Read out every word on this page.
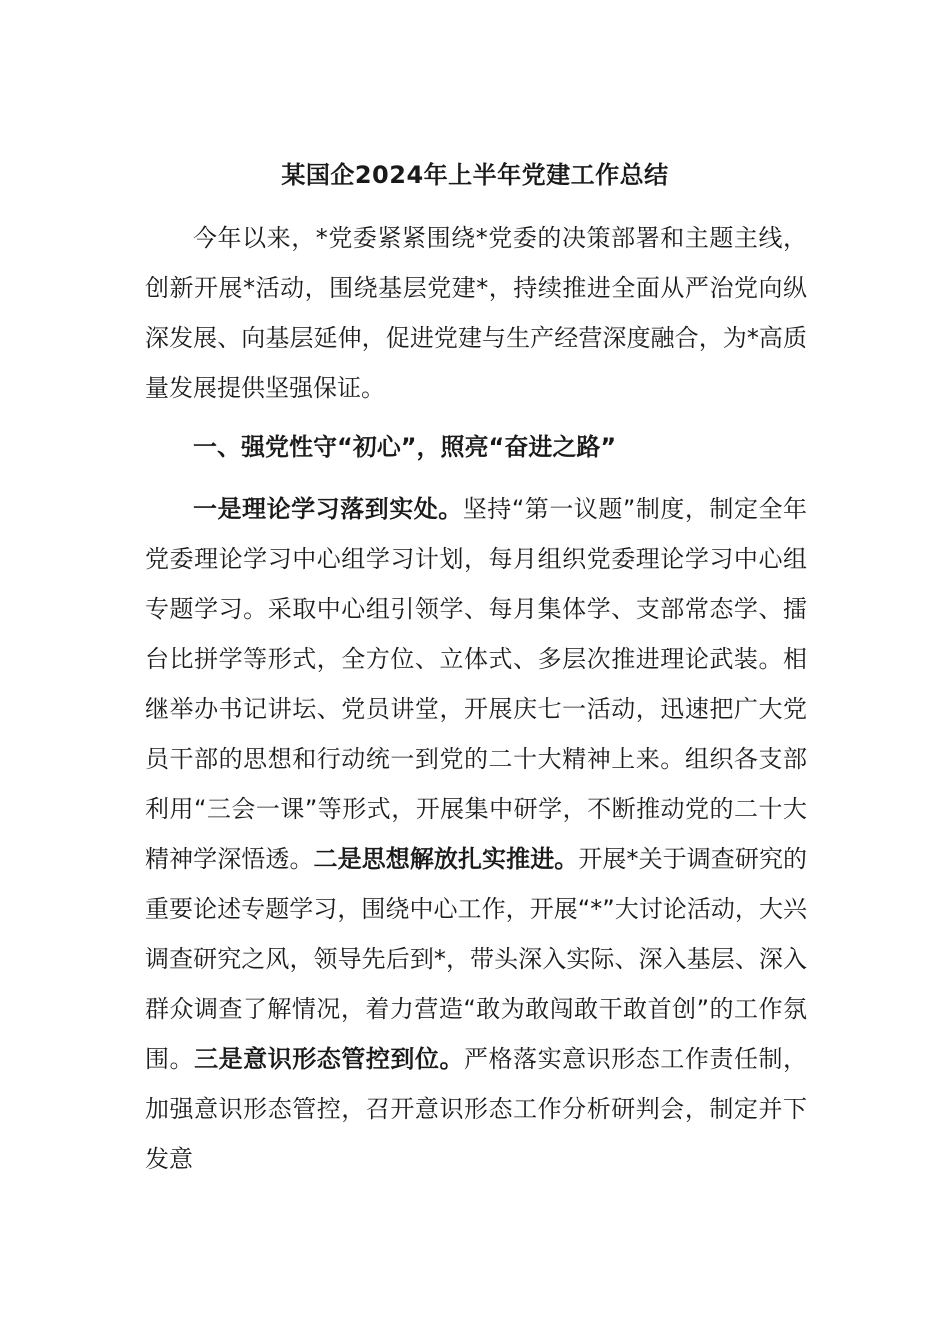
某国企2024年上半年党建工作总结

今年以来，*党委紧紧围绕*党委的决策部署和主题主线，创新开展*活动，围绕基层党建*，持续推进全面从严治党向纵深发展、向基层延伸，促进党建与生产经营深度融合，为*高质量发展提供坚强保证。

一、强党性守“初心”，照亮“奋进之路”

一是理论学习落到实处。坚持“第一议题”制度，制定全年党委理论学习中心组学习计划，每月组织党委理论学习中心组专题学习。采取中心组引领学、每月集体学、支部常态学、擂台比拼学等形式，全方位、立体式、多层次推进理论武装。相继举办书记讲坛、党员讲堂，开展庆七一活动，迅速把广大党员干部的思想和行动统一到党的二十大精神上来。组织各支部利用“三会一课”等形式，开展集中研学，不断推动党的二十大精神学深悟透。二是思想解放扎实推进。开展*关于调查研究的重要论述专题学习，围绕中心工作，开展“*”大讨论活动，大兴调查研究之风，领导先后到*，带头深入实际、深入基层、深入群众调查了解情况，着力营造“敢为敢闯敢干敢首创”的工作氛围。三是意识形态管控到位。严格落实意识形态工作责任制，加强意识形态管控，召开意识形态工作分析研判会，制定并下发意
